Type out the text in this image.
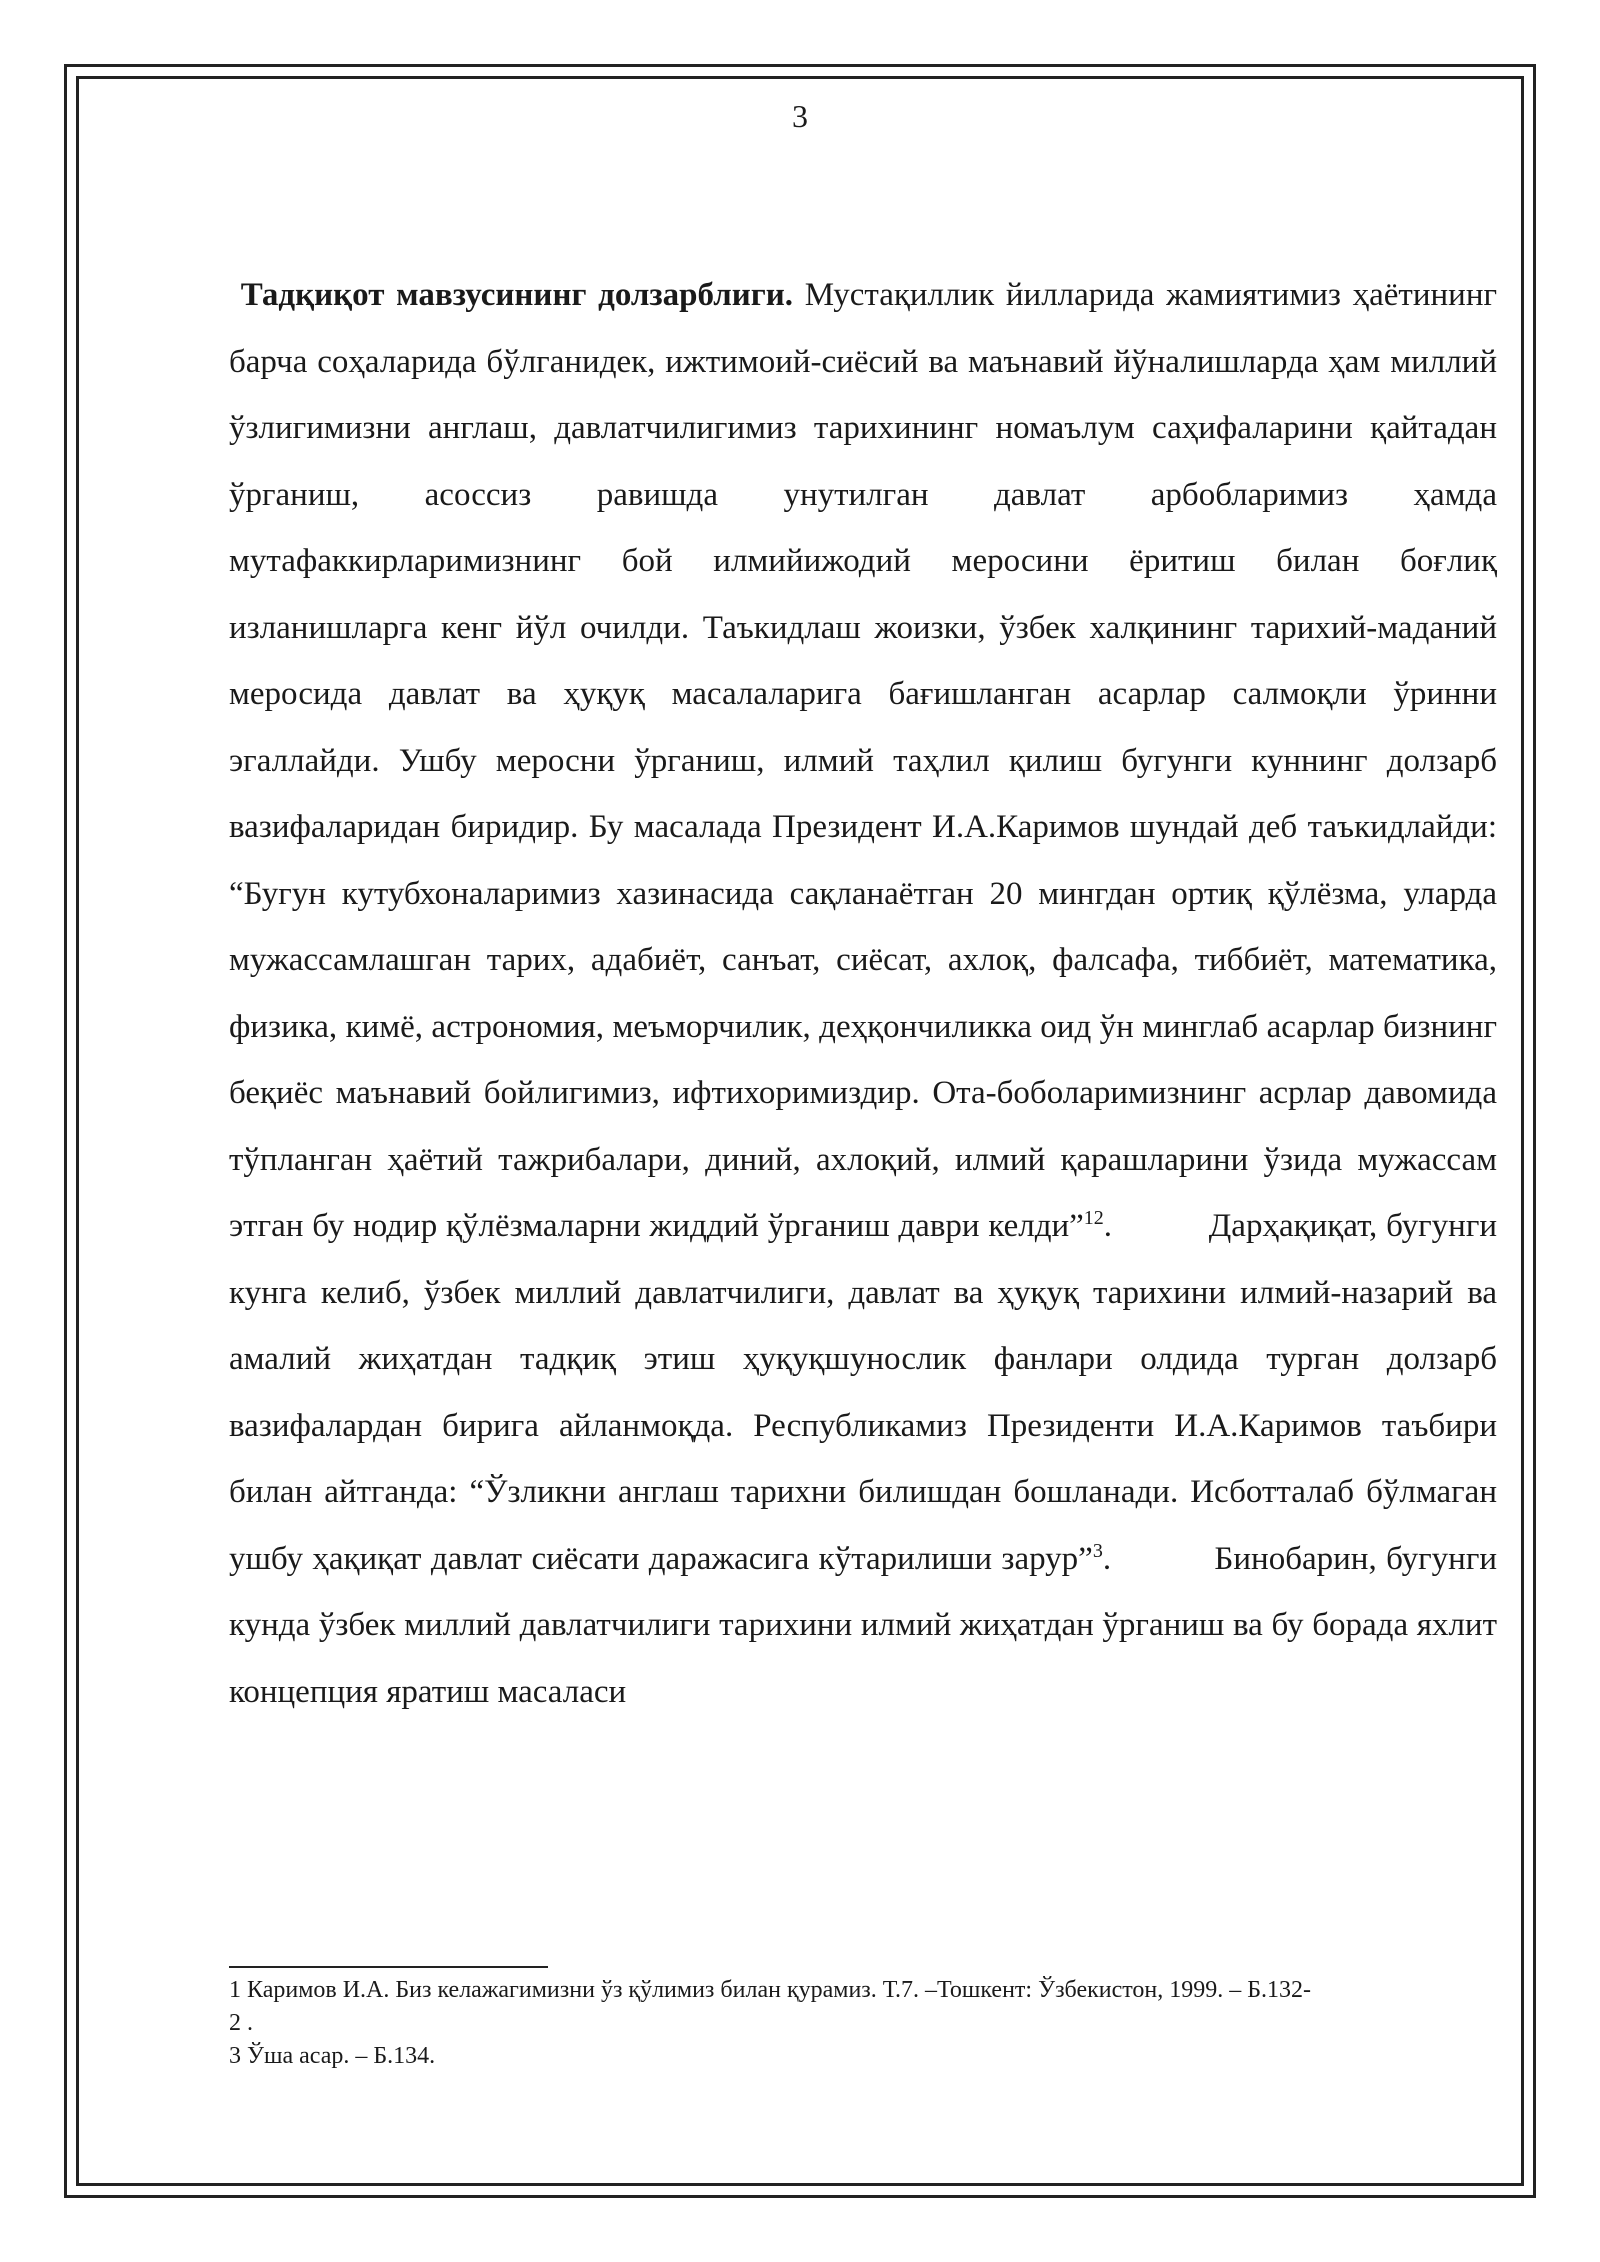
3

Тадқиқот мавзусининг долзарблиги. Мустақиллик йилларида жамиятимиз ҳаётининг барча соҳаларида бўлганидек, ижтимоий-сиёсий ва маънавий йўналишларда ҳам миллий ўзлигимизни англаш, давлатчилигимиз тарихининг номаълум саҳифаларини қайтадан ўрганиш, асоссиз равишда унутилган давлат арбобларимиз ҳамда мутафаккирларимизнинг бой илмийижодий меросини ёритиш билан боғлиқ изланишларга кенг йўл очилди. Таъкидлаш жоизки, ўзбек халқининг тарихий-маданий меросида давлат ва ҳуқуқ масалаларига бағишланган асарлар салмоқли ўринни эгаллайди. Ушбу меросни ўрганиш, илмий таҳлил қилиш бугунги куннинг долзарб вазифаларидан биридир. Бу масалада Президент И.А.Каримов шундай деб таъкидлайди: “Бугун кутубхоналаримиз хазинасида сақланаётган 20 мингдан ортиқ қўлёзма, уларда мужассамлашган тарих, адабиёт, санъат, сиёсат, ахлоқ, фалсафа, тиббиёт, математика, физика, кимё, астрономия, меъморчилик, деҳқончиликка оид ўн минглаб асарлар бизнинг беқиёс маънавий бойлигимиз, ифтихоримиздир. Ота-боболаримизнинг асрлар давомида тўпланган ҳаётий тажрибалари, диний, ахлоқий, илмий қарашларини ўзида мужассам этган бу нодир қўлёзмаларни жиддий ўрганиш даври келди”$^{12}$.           Дарҳақиқат, бугунги кунга келиб, ўзбек миллий давлатчилиги, давлат ва ҳуқуқ тарихини илмий-назарий ва амалий жиҳатдан тадқиқ этиш ҳуқуқшунослик фанлари олдида турган долзарб вазифалардан бирига айланмоқда. Республикамиз Президенти И.А.Каримов таъбири билан айтганда: “Ўзликни англаш тарихни билишдан бошланади. Исботталаб бўлмаган ушбу ҳақиқат давлат сиёсати даражасига кўтарилиши зарур”$^3$.           Бинобарин, бугунги кунда ўзбек миллий давлатчилиги тарихини илмий жиҳатдан ўрганиш ва бу борада яхлит концепция яратиш масаласи

1 Каримов И.А. Биз келажагимизни ўз қўлимиз билан қурамиз. Т.7. –Тошкент: Ўзбекистон, 1999. – Б.132-
2 .
3 Ўша асар. – Б.134.
